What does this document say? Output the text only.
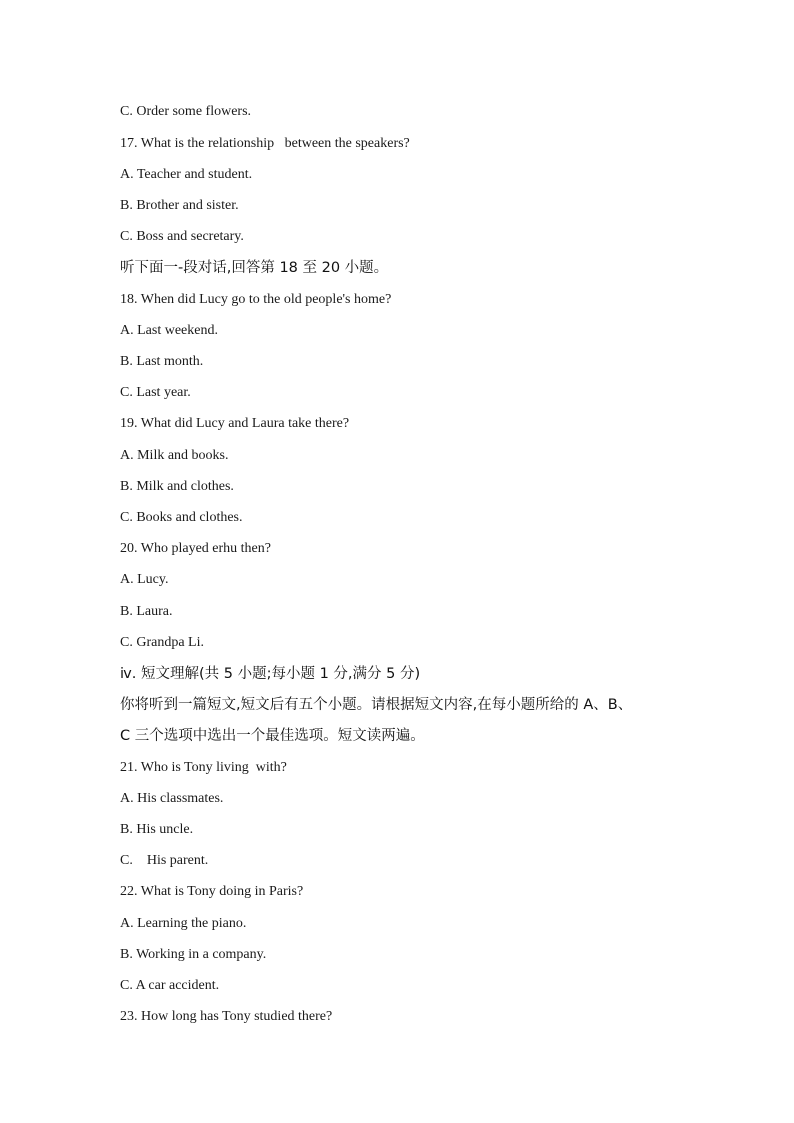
C. Order some flowers.
17. What is the relationship   between the speakers?
A. Teacher and student.
B. Brother and sister.
C. Boss and secretary.
听下面一-段对话,回答第 18 至 20 小题。
18. When did Lucy go to the old people's home?
A. Last weekend.
B. Last month.
C. Last year.
19. What did Lucy and Laura take there?
A. Milk and books.
B. Milk and clothes.
C. Books and clothes.
20. Who played erhu then?
A. Lucy.
B. Laura.
C. Grandpa Li.
ⅳ. 短文理解(共 5 小题;每小题 1 分,满分 5 分)
你将听到一篇短文,短文后有五个小题。请根据短文内容,在每小题所给的 A、B、
C 三个选项中选出一个最佳选项。短文读两遍。
21. Who is Tony living  with?
A. His classmates.
B. His uncle.
C.    His parent.
22. What is Tony doing in Paris?
A. Learning the piano.
B. Working in a company.
C. A car accident.
23. How long has Tony studied there?
